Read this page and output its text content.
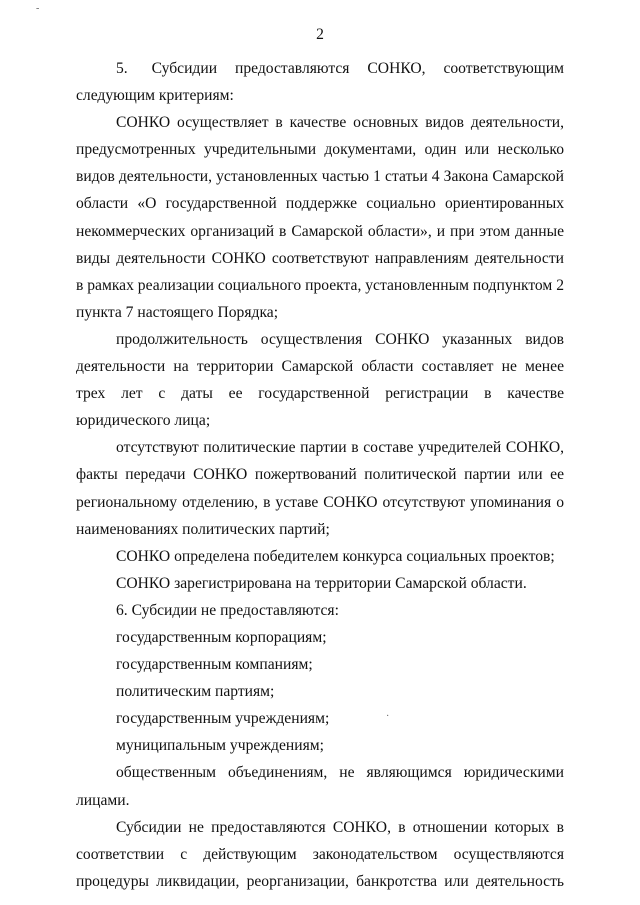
2

5.    Субсидии   предоставляются   СОНКО,   соответствующим следующим критериям:

СОНКО осуществляет в качестве основных видов деятельности, предусмотренных учредительными документами, один или несколько видов деятельности, установленных частью 1 статьи 4 Закона Самарской области «О государственной поддержке социально ориентированных некоммерческих организаций в Самарской области», и при этом данные виды деятельности СОНКО соответствуют направлениям деятельности в рамках реализации социального проекта, установленным подпунктом 2 пункта 7 настоящего Порядка;

продолжительность осуществления СОНКО указанных видов деятельности на территории Самарской области составляет не менее трех лет с даты ее государственной регистрации в качестве юридического лица;

отсутствуют политические партии в составе учредителей СОНКО, факты передачи СОНКО пожертвований политической партии или ее региональному отделению, в уставе СОНКО отсутствуют упоминания о наименованиях политических партий;

СОНКО определена победителем конкурса социальных проектов;

СОНКО зарегистрирована на территории Самарской области.

6. Субсидии не предоставляются:

государственным корпорациям;

государственным компаниям;

политическим партиям;

государственным учреждениям;

муниципальным учреждениям;

общественным объединениям, не являющимся юридическими лицами.

Субсидии не предоставляются СОНКО, в отношении которых в соответствии с действующим законодательством осуществляются процедуры ликвидации, реорганизации, банкротства или деятельность

-
·
